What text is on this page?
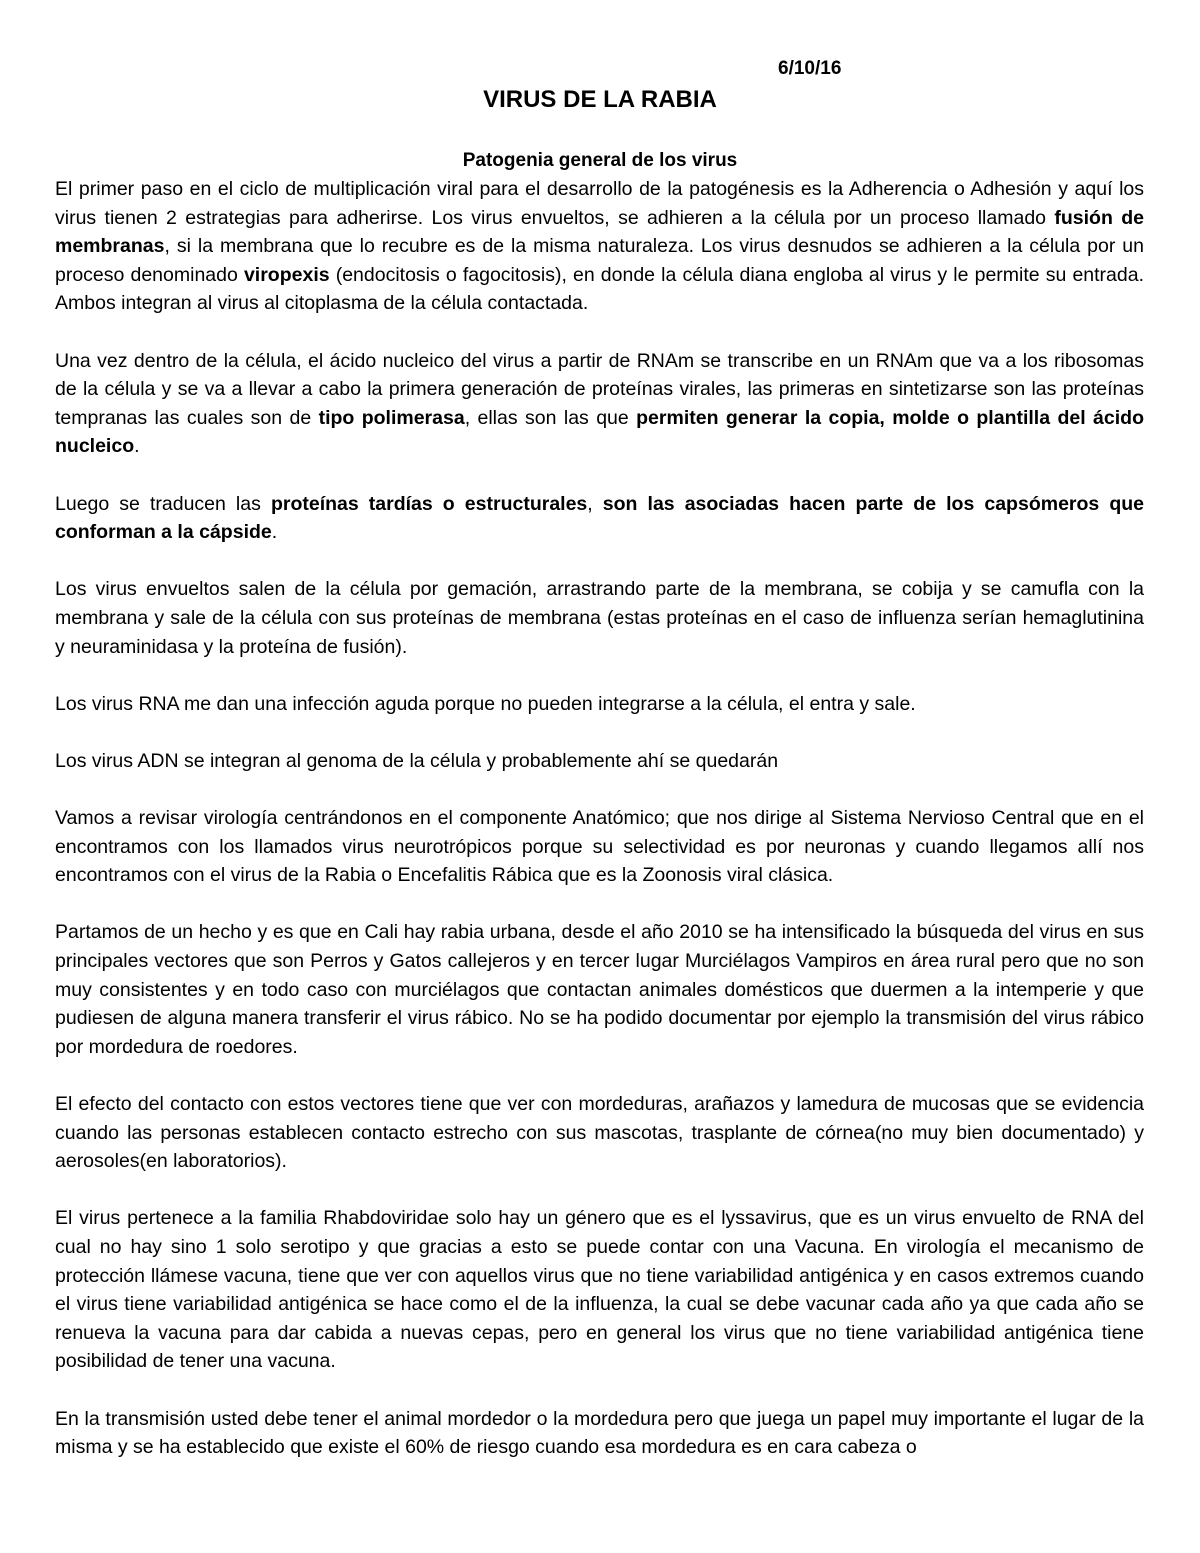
6/10/16
VIRUS DE LA RABIA
Patogenia general de los virus

El primer paso en el ciclo de multiplicación viral para el desarrollo de la patogénesis es la Adherencia o Adhesión y aquí los virus tienen 2 estrategias para adherirse. Los virus envueltos, se adhieren a la célula por un proceso llamado fusión de membranas, si la membrana que lo recubre es de la misma naturaleza. Los virus desnudos se adhieren a la célula por un proceso denominado viropexis (endocitosis o fagocitosis), en donde la célula diana engloba al virus y le permite su entrada. Ambos integran al virus al citoplasma de la célula contactada.

Una vez dentro de la célula, el ácido nucleico del virus a partir de RNAm se transcribe en un RNAm que va a los ribosomas de la célula y se va a llevar a cabo la primera generación de proteínas virales, las primeras en sintetizarse son las proteínas tempranas las cuales son de tipo polimerasa, ellas son las que permiten generar la copia, molde o plantilla del ácido nucleico.

Luego se traducen las proteínas tardías o estructurales, son las asociadas hacen parte de los capsómeros que conforman a la cápside.

Los virus envueltos salen de la célula por gemación, arrastrando parte de la membrana, se cobija y se camufla con la membrana y sale de la célula con sus proteínas de membrana (estas proteínas en el caso de influenza serían hemaglutinina y neuraminidasa y la proteína de fusión).

Los virus RNA me dan una infección aguda porque no pueden integrarse a la célula, el entra y sale.

Los virus ADN se integran al genoma de la célula y probablemente ahí se quedarán

Vamos a revisar virología centrándonos en el componente Anatómico; que nos dirige al Sistema Nervioso Central que en el encontramos con los llamados virus neurotrópicos porque su selectividad es por neuronas y cuando llegamos allí nos encontramos con el virus de la Rabia o Encefalitis Rábica que es la Zoonosis viral clásica.

Partamos de un hecho y es que en Cali hay rabia urbana, desde el año 2010 se ha intensificado la búsqueda del virus en sus principales vectores que son Perros y Gatos callejeros y en tercer lugar Murciélagos Vampiros en área rural pero que no son muy consistentes y en todo caso con murciélagos que contactan animales domésticos que duermen a la intemperie y que pudiesen de alguna manera transferir el virus rábico. No se ha podido documentar por ejemplo la transmisión del virus rábico por mordedura de roedores.

El efecto del contacto con estos vectores tiene que ver con mordeduras, arañazos y lamedura de mucosas que se evidencia cuando las personas establecen contacto estrecho con sus mascotas, trasplante de córnea(no muy bien documentado) y aerosoles(en laboratorios).

El virus pertenece a la familia Rhabdoviridae solo hay un género que es el lyssavirus, que es un virus envuelto de RNA del cual no hay sino 1 solo serotipo y que gracias a esto se puede contar con una Vacuna. En virología el mecanismo de protección llámese vacuna, tiene que ver con aquellos virus que no tiene variabilidad antigénica y en casos extremos cuando el virus tiene variabilidad antigénica se hace como el de la influenza, la cual se debe vacunar cada año ya que cada año se renueva la vacuna para dar cabida a nuevas cepas, pero en general los virus que no tiene variabilidad antigénica tiene posibilidad de tener una vacuna.

En la transmisión usted debe tener el animal mordedor o la mordedura pero que juega un papel muy importante el lugar de la misma y se ha establecido que existe el 60% de riesgo cuando esa mordedura es en cara cabeza o
